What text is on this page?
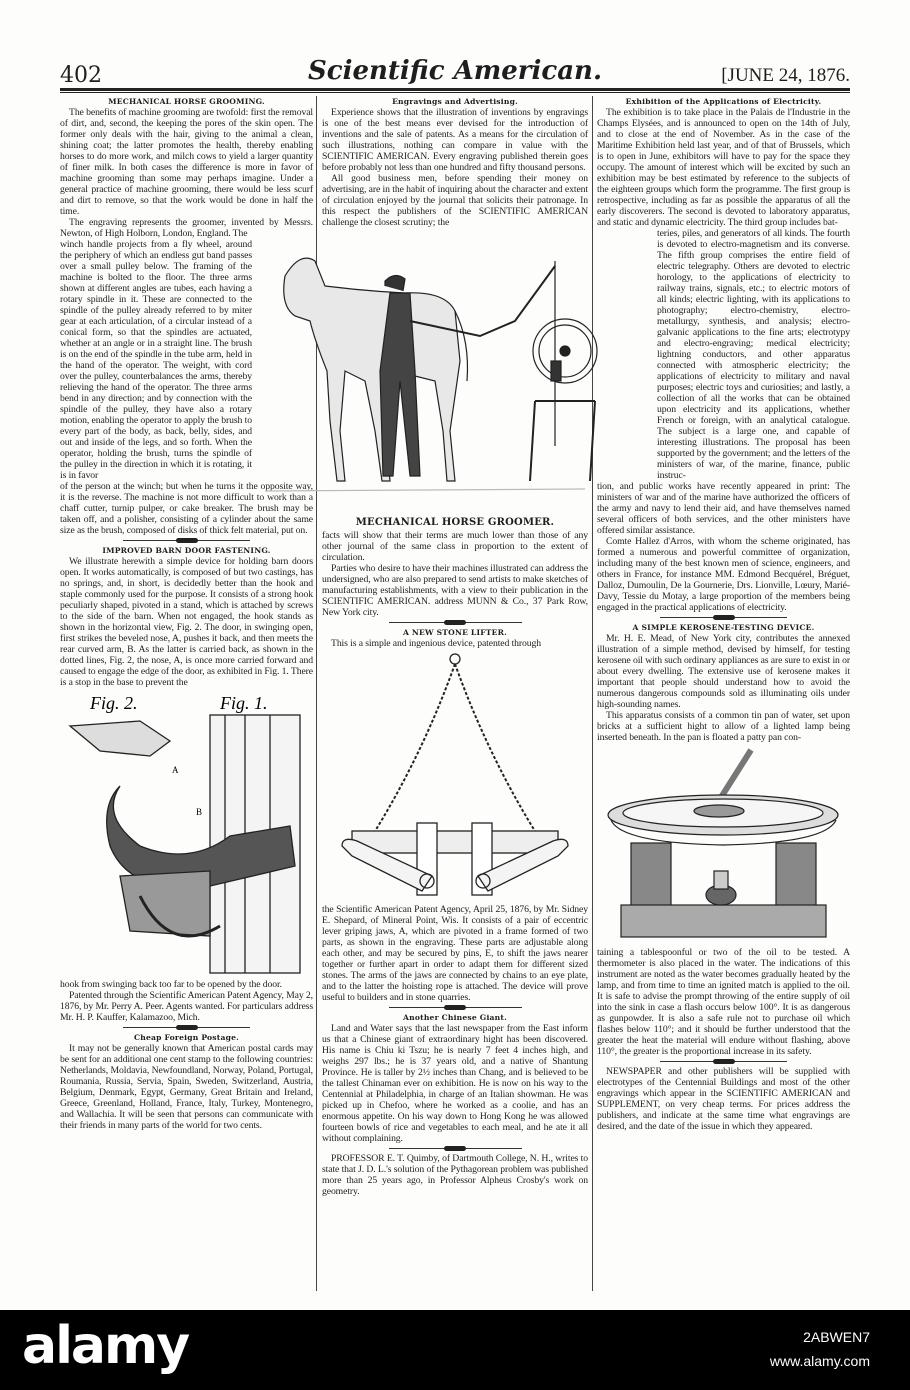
402	Scientific American.	[JUNE 24, 1876.

MECHANICAL HORSE GROOMING.

The benefits of machine grooming are twofold: first the removal of dirt, and, second, the keeping the pores of the skin open. The former only deals with the hair, giving to the animal a clean, shining coat; the latter promotes the health, thereby enabling horses to do more work, and milch cows to yield a larger quantity of finer milk. In both cases the difference is more in favor of machine grooming than some may perhaps imagine. Under a general practice of machine grooming, there would be less scurf and dirt to remove, so that the work would be done in half the time.

The engraving represents the groomer, invented by Messrs. Newton, of High Holborn, London, England. The

winch handle projects from a fly wheel, around the periphery of which an endless gut band passes over a small pulley below. The framing of the machine is bolted to the floor. The three arms shown at different angles are tubes, each having a rotary spindle in it. These are connected to the spindle of the pulley already referred to by miter gear at each articulation, of a circular instead of a conical form, so that the spindles are actuated, whether at an angle or in a straight line. The brush is on the end of the spindle in the tube arm, held in the hand of the operator. The weight, with cord over the pulley, counterbalances the arms, thereby relieving the hand of the operator. The three arms bend in any direction; and by connection with the spindle of the pulley, they have also a rotary motion, enabling the operator to apply the brush to every part of the body, as back, belly, sides, and out and inside of the legs, and so forth. When the operator, holding the brush, turns the spindle of the pulley in the direction in which it is rotating, it is in favor

of the person at the winch; but when he turns it the opposite way, it is the reverse. The machine is not more difficult to work than a chaff cutter, turnip pulper, or cake breaker. The brush may be taken off, and a polisher, consisting of a cylinder about the same size as the brush, composed of disks of thick felt material, put on.

IMPROVED BARN DOOR FASTENING.

We illustrate herewith a simple device for holding barn doors open. It works automatically, is composed of but two castings, has no springs, and, in short, is decidedly better than the hook and staple commonly used for the purpose. It consists of a strong hook peculiarly shaped, pivoted in a stand, which is attached by screws to the side of the barn. When not engaged, the hook stands as shown in the horizontal view, Fig. 2. The door, in swinging open, first strikes the beveled nose, A, pushes it back, and then meets the rear curved arm, B. As the latter is carried back, as shown in the dotted lines, Fig. 2, the nose, A, is once more carried forward and caused to engage the edge of the door, as exhibited in Fig. 1. There is a stop in the base to prevent the

Fig. 2.	Fig. 1.
A
B

hook from swinging back too far to be opened by the door.

Patented through the Scientific American Patent Agency, May 2, 1876, by Mr. Perry A. Peer. Agents wanted. For particulars address Mr. H. P. Kauffer, Kalamazoo, Mich.

Cheap Foreign Postage.

It may not be generally known that American postal cards may be sent for an additional one cent stamp to the following countries: Netherlands, Moldavia, Newfoundland, Norway, Poland, Portugal, Roumania, Russia, Servia, Spain, Sweden, Switzerland, Austria, Belgium, Denmark, Egypt, Germany, Great Britain and Ireland, Greece, Greenland, Holland, France, Italy, Turkey, Montenegro, and Wallachia. It will be seen that persons can communicate with their friends in many parts of the world for two cents.

Engravings and Advertising.

Experience shows that the illustration of inventions by engravings is one of the best means ever devised for the introduction of inventions and the sale of patents. As a means for the circulation of such illustrations, nothing can compare in value with the SCIENTIFIC AMERICAN. Every engraving published therein goes before probably not less than one hundred and fifty thousand persons.

All good business men, before spending their money on advertising, are in the habit of inquiring about the character and extent of circulation enjoyed by the journal that solicits their patronage. In this respect the publishers of the SCIENTIFIC AMERICAN challenge the closest scrutiny; the

MECHANICAL HORSE GROOMER.

facts will show that their terms are much lower than those of any other journal of the same class in proportion to the extent of circulation.

Parties who desire to have their machines illustrated can address the undersigned, who are also prepared to send artists to make sketches of manufacturing establishments, with a view to their publication in the SCIENTIFIC AMERICAN. address MUNN & Co., 37 Park Row, New York city.

A NEW STONE LIFTER.

This is a simple and ingenious device, patented through

the Scientific American Patent Agency, April 25, 1876, by Mr. Sidney E. Shepard, of Mineral Point, Wis. It consists of a pair of eccentric lever griping jaws, A, which are pivoted in a frame formed of two parts, as shown in the engraving. These parts are adjustable along each other, and may be secured by pins, E, to shift the jaws nearer together or further apart in order to adapt them for different sized stones. The arms of the jaws are connected by chains to an eye plate, and to the latter the hoisting rope is attached. The device will prove useful to builders and in stone quarries.

Another Chinese Giant.

Land and Water says that the last newspaper from the East inform us that a Chinese giant of extraordinary hight has been discovered. His name is Chiu ki Tszu; he is nearly 7 feet 4 inches high, and weighs 297 lbs.; he is 37 years old, and a native of Shantung Province. He is taller by 2½ inches than Chang, and is believed to be the tallest Chinaman ever on exhibition. He is now on his way to the Centennial at Philadelphia, in charge of an Italian showman. He was picked up in Chefoo, where he worked as a coolie, and has an enormous appetite. On his way down to Hong Kong he was allowed fourteen bowls of rice and vegetables to each meal, and he ate it all without complaining.

PROFESSOR E. T. Quimby, of Dartmouth College, N. H., writes to state that J. D. L.'s solution of the Pythagorean problem was published more than 25 years ago, in Professor Alpheus Crosby's work on geometry.

Exhibition of the Applications of Electricity.

The exhibition is to take place in the Palais de l'Industrie in the Champs Elysées, and is announced to open on the 14th of July, and to close at the end of November. As in the case of the Maritime Exhibition held last year, and of that of Brussels, which is to open in June, exhibitors will have to pay for the space they occupy. The amount of interest which will be excited by such an exhibition may be best estimated by reference to the subjects of the eighteen groups which form the programme. The first group is retrospective, including as far as possible the apparatus of all the early discoverers. The second is devoted to laboratory apparatus, and static and dynamic electricity. The third group includes bat-

teries, piles, and generators of all kinds. The fourth is devoted to electro-magnetism and its converse. The fifth group comprises the entire field of electric telegraphy. Others are devoted to electric horology, to the applications of electricity to railway trains, signals, etc.; to electric motors of all kinds; electric lighting, with its applications to photography; electro-chemistry, electro-metallurgy, synthesis, and analysis; electro-galvanic applications to the fine arts; electrotypy and electro-engraving; medical electricity; lightning conductors, and other apparatus connected with atmospheric electricity; the applications of electricity to military and naval purposes; electric toys and curiosities; and lastly, a collection of all the works that can be obtained upon electricity and its applications, whether French or foreign, with an analytical catalogue. The subject is a large one, and capable of interesting illustrations. The proposal has been supported by the government; and the letters of the ministers of war, of the marine, finance, public instruc-

tion, and public works have recently appeared in print: The ministers of war and of the marine have authorized the officers of the army and navy to lend their aid, and have themselves named several officers of both services, and the other ministers have offered similar assistance.

Comte Hallez d'Arros, with whom the scheme originated, has formed a numerous and powerful committee of organization, including many of the best known men of science, engineers, and others in France, for instance MM. Edmond Becquérel, Bréguet, Dalloz, Dumoulin, De la Gournerie, Drs. Lionville, Lœury, Marié-Davy, Tessie du Motay, a large proportion of the members being engaged in the practical applications of electricity.

A SIMPLE KEROSENE-TESTING DEVICE.

Mr. H. E. Mead, of New York city, contributes the annexed illustration of a simple method, devised by himself, for testing kerosene oil with such ordinary appliances as are sure to exist in or about every dwelling. The extensive use of kerosene makes it important that people should understand how to avoid the numerous dangerous compounds sold as illuminating oils under high-sounding names.

This apparatus consists of a common tin pan of water, set upon bricks at a sufficient hight to allow of a lighted lamp being inserted beneath. In the pan is floated a patty pan con-

taining a tablespoonful or two of the oil to be tested. A thermometer is also placed in the water. The indications of this instrument are noted as the water becomes gradually heated by the lamp, and from time to time an ignited match is applied to the oil. It is safe to advise the prompt throwing of the entire supply of oil into the sink in case a flash occurs below 100°. It is as dangerous as gunpowder. It is also a safe rule not to purchase oil which flashes below 110°; and it should be further understood that the greater the heat the material will endure without flashing, above 110°, the greater is the proportional increase in its safety.

NEWSPAPER and other publishers will be supplied with electrotypes of the Centennial Buildings and most of the other engravings which appear in the SCIENTIFIC AMERICAN and SUPPLEMENT, on very cheap terms. For prices address the publishers, and indicate at the same time what engravings are desired, and the date of the issue in which they appeared.

alamy	2ABWEN7
www.alamy.com
